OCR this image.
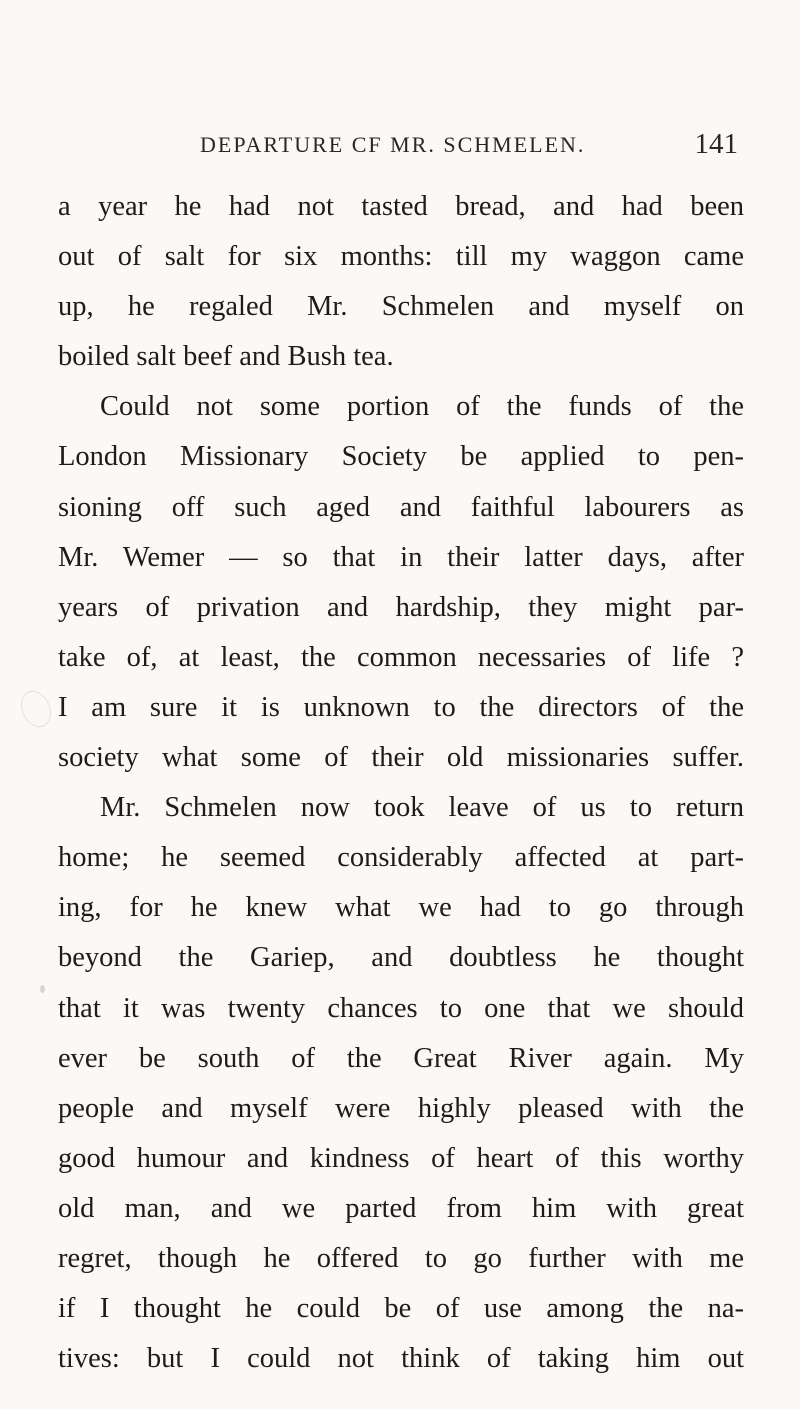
DEPARTURE CF MR. SCHMELEN.	141
a year he had not tasted bread, and had been
out of salt for six months: till my waggon came
up, he regaled Mr. Schmelen and myself on
boiled salt beef and Bush tea.
Could not some portion of the funds of the
London Missionary Society be applied to pen-
sioning off such aged and faithful labourers as
Mr. Wemer — so that in their latter days, after
years of privation and hardship, they might par-
take of, at least, the common necessaries of life ?
I am sure it is unknown to the directors of the
society what some of their old missionaries suffer.
Mr. Schmelen now took leave of us to return
home; he seemed considerably affected at part-
ing, for he knew what we had to go through
beyond the Gariep, and doubtless he thought
that it was twenty chances to one that we should
ever be south of the Great River again. My
people and myself were highly pleased with the
good humour and kindness of heart of this worthy
old man, and we parted from him with great
regret, though he offered to go further with me
if I thought he could be of use among the na-
tives: but I could not think of taking him out
